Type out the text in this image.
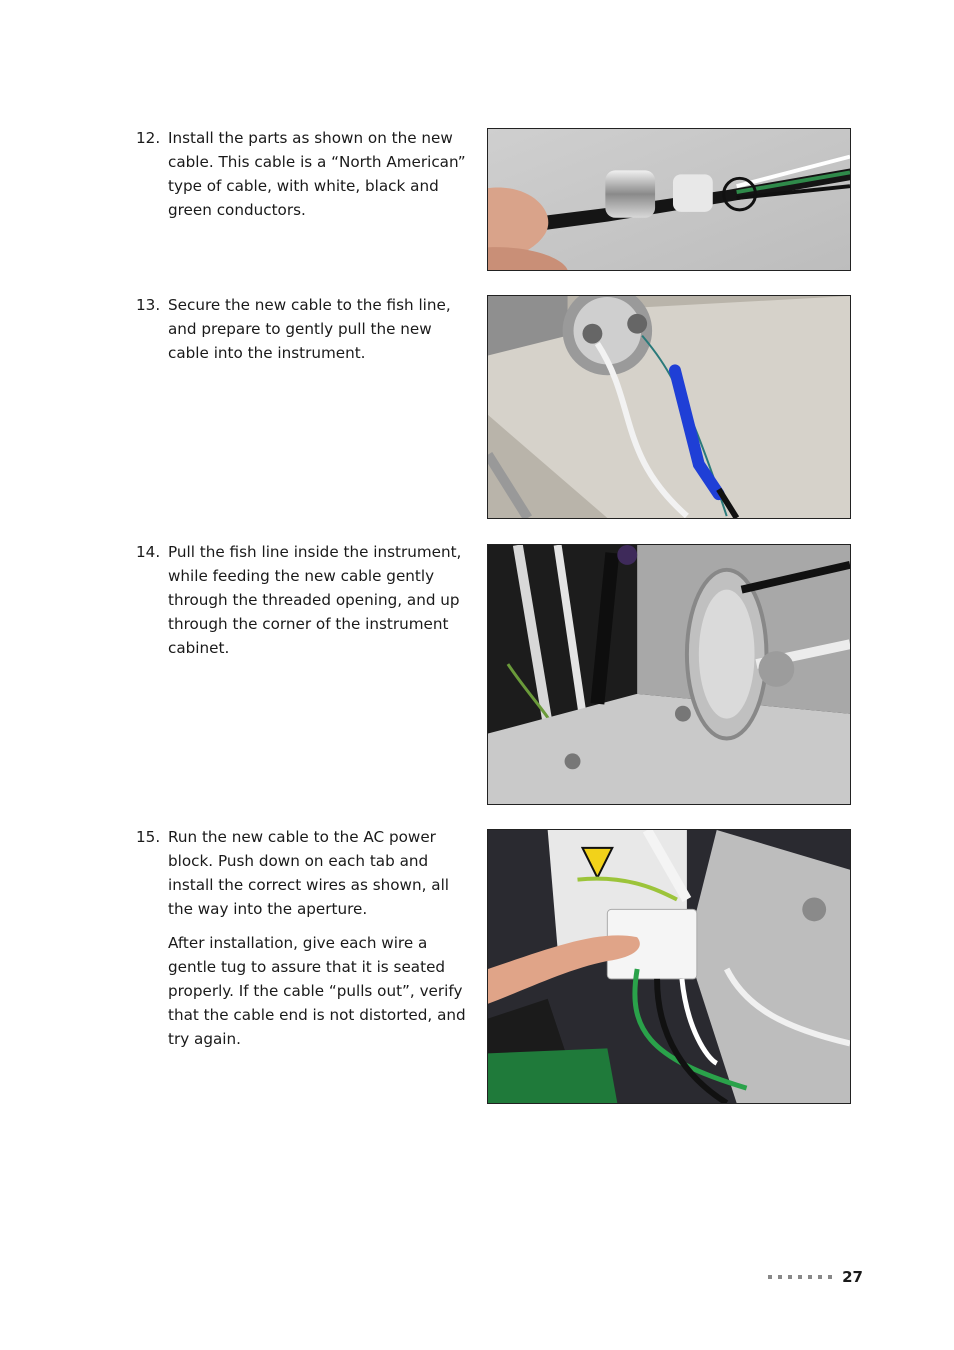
12. Install the parts as shown on the new cable. This cable is a “North American” type of cable, with white, black and green conductors.

13. Secure the new cable to the fish line, and prepare to gently pull the new cable into the instrument.

14. Pull the fish line inside the instrument, while feeding the new cable gently through the threaded opening, and up through the corner of the instrument cabinet.

15. Run the new cable to the AC power block. Push down on each tab and install the correct wires as shown, all the way into the aperture.

After installation, give each wire a gentle tug to assure that it is seated properly. If the cable “pulls out”, verify that the cable end is not distorted, and try again.

27
